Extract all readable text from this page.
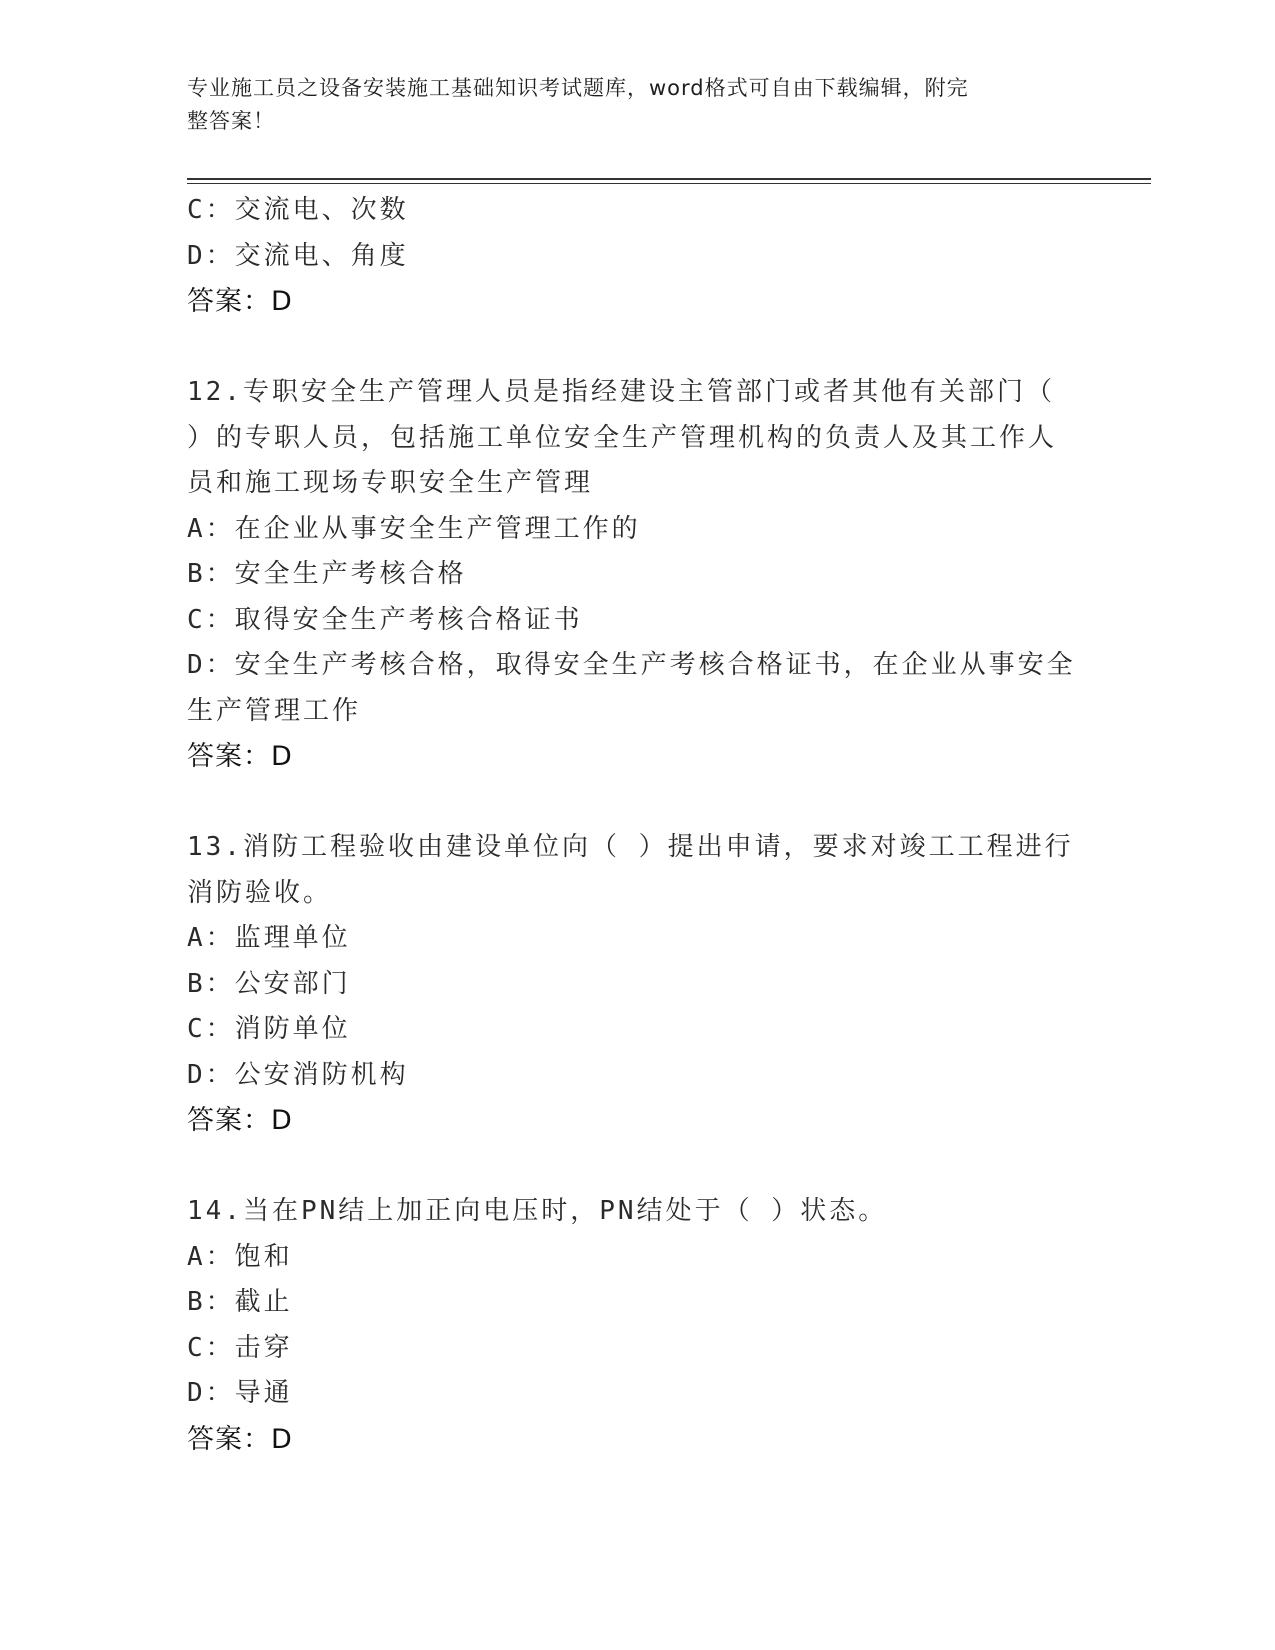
专业施工员之设备安装施工基础知识考试题库，word格式可自由下载编辑，附完
整答案！
C：交流电、次数
D：交流电、角度
答案：D
12.专职安全生产管理人员是指经建设主管部门或者其他有关部门（
）的专职人员，包括施工单位安全生产管理机构的负责人及其工作人
员和施工现场专职安全生产管理
A：在企业从事安全生产管理工作的
B：安全生产考核合格
C：取得安全生产考核合格证书
D：安全生产考核合格，取得安全生产考核合格证书，在企业从事安全
生产管理工作
答案：D
13.消防工程验收由建设单位向（ ）提出申请，要求对竣工工程进行
消防验收。
A：监理单位
B：公安部门
C：消防单位
D：公安消防机构
答案：D
14.当在PN结上加正向电压时，PN结处于（ ）状态。
A：饱和
B：截止
C：击穿
D：导通
答案：D
